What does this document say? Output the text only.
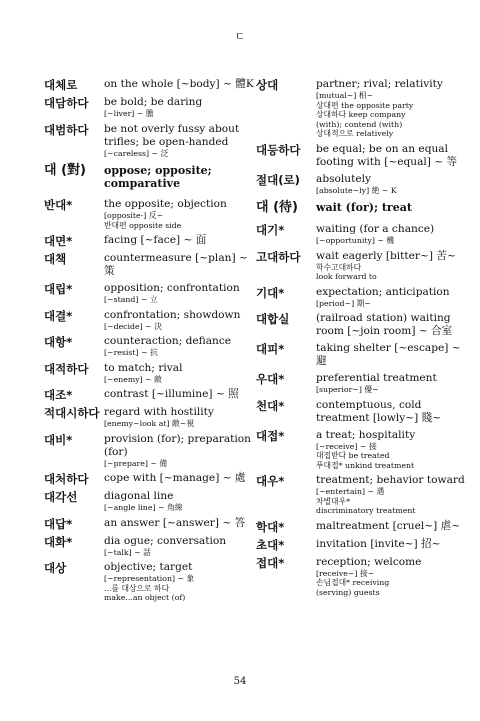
ㄷ
대체로	on the whole [~body] ~ 體K
대담하다	be bold; be daring
[~liver] ~ 膽
대범하다	be not overly fussy about trifles; be open-handed
[~careless] ~ 泛
대 (對)	oppose; opposite; comparative
반대*	the opposite; objection
[opposite-] 反~
반대편 opposite side
대면*	facing [~face] ~ 面
대책	countermeasure [~plan] ~ 策
대립*	opposition; confrontation
[~stand] ~ 立
대결*	confrontation; showdown
[~decide] ~ 決
대항*	counteraction; defiance
[~resist] ~ 抗
대적하다	to match; rival
[~enemy] ~ 敵
대조*	contrast [~illumine] ~ 照
적대시하다 regard with hostility
[enemy~look at] 敵~視
대비*	provision (for); preparation (for)
[~prepare] ~ 備
대처하다	cope with [~manage] ~ 處
대각선	diagonal line
[~angle line] ~ 角線
대답*	an answer [~answer] ~ 答
대화*	dia ogue; conversation
[~talk] ~ 話
대상	objective; target
[~representation] ~ 象
...를 대상으로 하다
make...an object (of)
상대	partner; rival; relativity
[mutual~] 相~
상대편 the opposite party
상대하다 keep company
(with); contend (with)
상대적으로 relatively
대등하다	be equal; be on an equal footing with [~equal] ~ 等
절대(로)	absolutely
[absolute~ly] 絶 ~ K
대 (待)	wait (for); treat
대기*	waiting (for a chance)
[~opportunity] ~ 機
고대하다	wait eagerly [bitter~] 苦~
학수고대하다
look forward to
기대*	expectation; anticipation
[period~] 期~
대합실	(railroad station) waiting room [~join room] ~ 合室
대피*	taking shelter [~escape] ~ 避
우대*	preferential treatment
[superior~] 優~
천대*	contemptuous, cold treatment [lowly~] 賤~
대접*	a treat; hospitality
[~receive] ~ 接
대접받다 be treated
푸대접* unkind treatment
대우*	treatment; behavior toward
[~entertain] ~ 遇
차별대우*
discriminatory treatment
학대*	maltreatment [cruel~] 虐~
초대*	invitation [invite~] 招~
접대*	reception; welcome
[receive~] 接~
손님접대* receiving
(serving) guests
54
